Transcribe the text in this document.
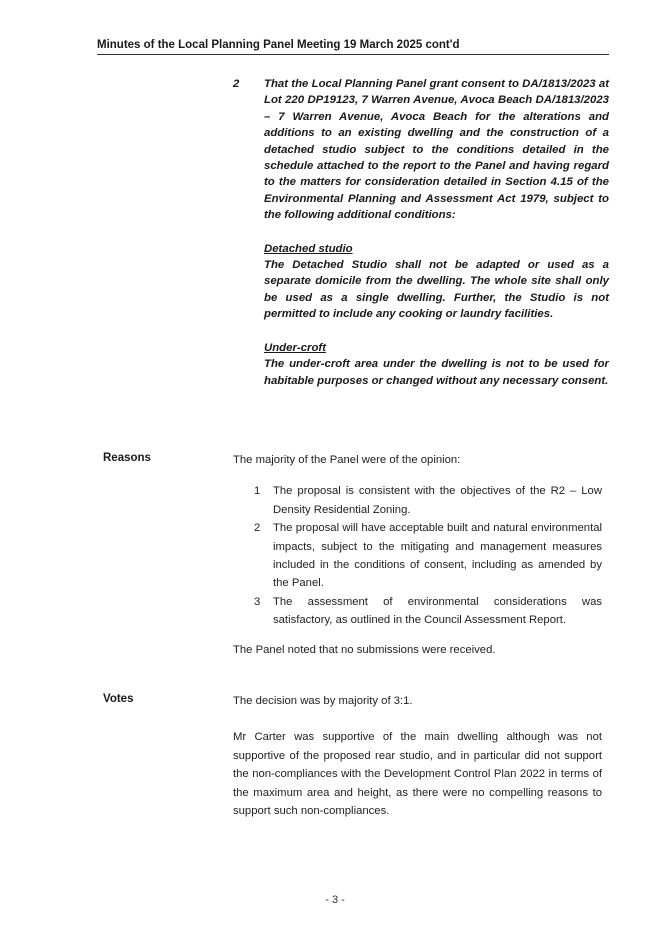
Minutes of the Local Planning Panel Meeting 19 March 2025 cont'd
2 That the Local Planning Panel grant consent to DA/1813/2023 at Lot 220 DP19123, 7 Warren Avenue, Avoca Beach DA/1813/2023 – 7 Warren Avenue, Avoca Beach for the alterations and additions to an existing dwelling and the construction of a detached studio subject to the conditions detailed in the schedule attached to the report to the Panel and having regard to the matters for consideration detailed in Section 4.15 of the Environmental Planning and Assessment Act 1979, subject to the following additional conditions:

Detached studio

The Detached Studio shall not be adapted or used as a separate domicile from the dwelling. The whole site shall only be used as a single dwelling. Further, the Studio is not permitted to include any cooking or laundry facilities.

Under-croft

The under-croft area under the dwelling is not to be used for habitable purposes or changed without any necessary consent.

Reasons	The majority of the Panel were of the opinion:

1 The proposal is consistent with the objectives of the R2 – Low Density Residential Zoning.
2 The proposal will have acceptable built and natural environmental impacts, subject to the mitigating and management measures included in the conditions of consent, including as amended by the Panel.
3 The assessment of environmental considerations was satisfactory, as outlined in the Council Assessment Report.

The Panel noted that no submissions were received.

Votes	The decision was by majority of 3:1.

Mr Carter was supportive of the main dwelling although was not supportive of the proposed rear studio, and in particular did not support the non-compliances with the Development Control Plan 2022 in terms of the maximum area and height, as there were no compelling reasons to support such non-compliances.

- 3 -
